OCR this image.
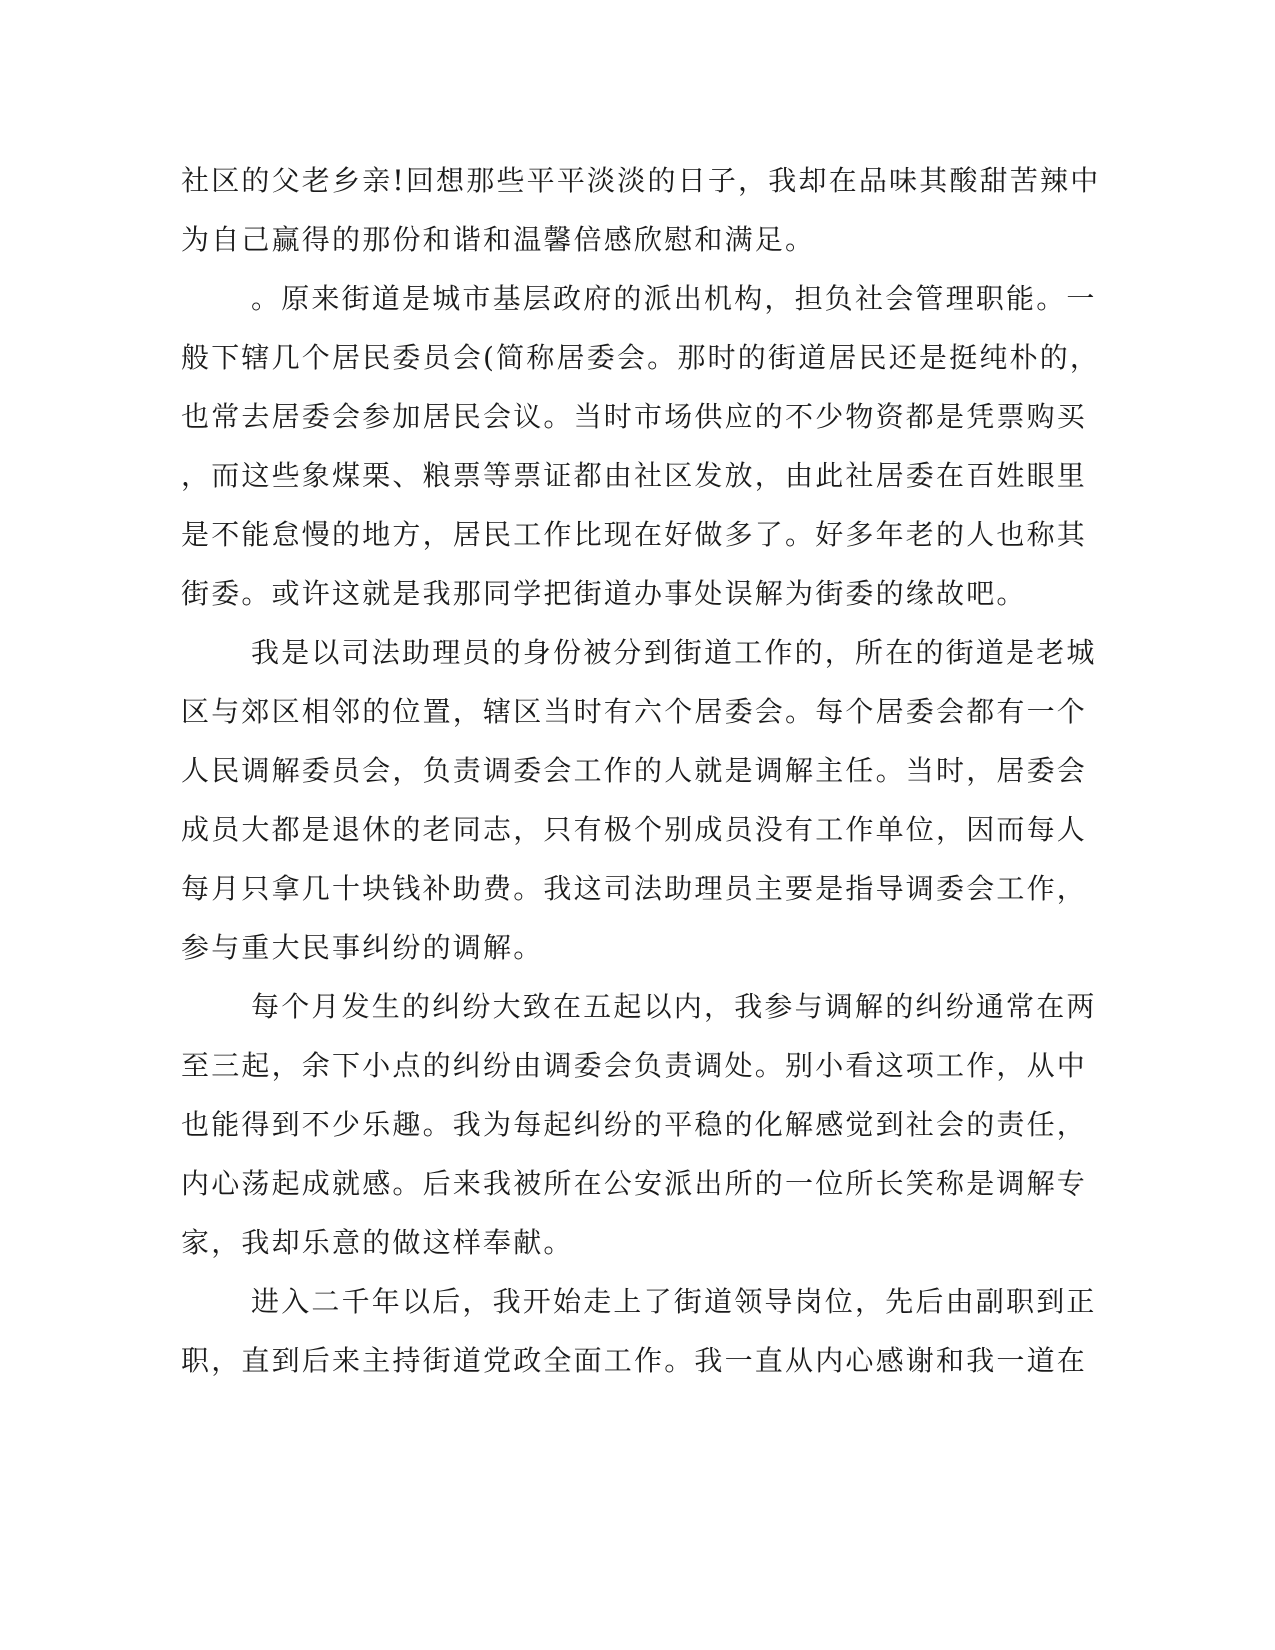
社区的父老乡亲!回想那些平平淡淡的日子，我却在品味其酸甜苦辣中

为自己赢得的那份和谐和温馨倍感欣慰和满足。

。原来街道是城市基层政府的派出机构，担负社会管理职能。一

般下辖几个居民委员会(简称居委会。那时的街道居民还是挺纯朴的，

也常去居委会参加居民会议。当时市场供应的不少物资都是凭票购买

，而这些象煤栗、粮票等票证都由社区发放，由此社居委在百姓眼里

是不能怠慢的地方，居民工作比现在好做多了。好多年老的人也称其

街委。或许这就是我那同学把街道办事处误解为街委的缘故吧。

我是以司法助理员的身份被分到街道工作的，所在的街道是老城

区与郊区相邻的位置，辖区当时有六个居委会。每个居委会都有一个

人民调解委员会，负责调委会工作的人就是调解主任。当时，居委会

成员大都是退休的老同志，只有极个别成员没有工作单位，因而每人

每月只拿几十块钱补助费。我这司法助理员主要是指导调委会工作，

参与重大民事纠纷的调解。

每个月发生的纠纷大致在五起以内，我参与调解的纠纷通常在两

至三起，余下小点的纠纷由调委会负责调处。别小看这项工作，从中

也能得到不少乐趣。我为每起纠纷的平稳的化解感觉到社会的责任，

内心荡起成就感。后来我被所在公安派出所的一位所长笑称是调解专

家，我却乐意的做这样奉献。

进入二千年以后，我开始走上了街道领导岗位，先后由副职到正

职，直到后来主持街道党政全面工作。我一直从内心感谢和我一道在
